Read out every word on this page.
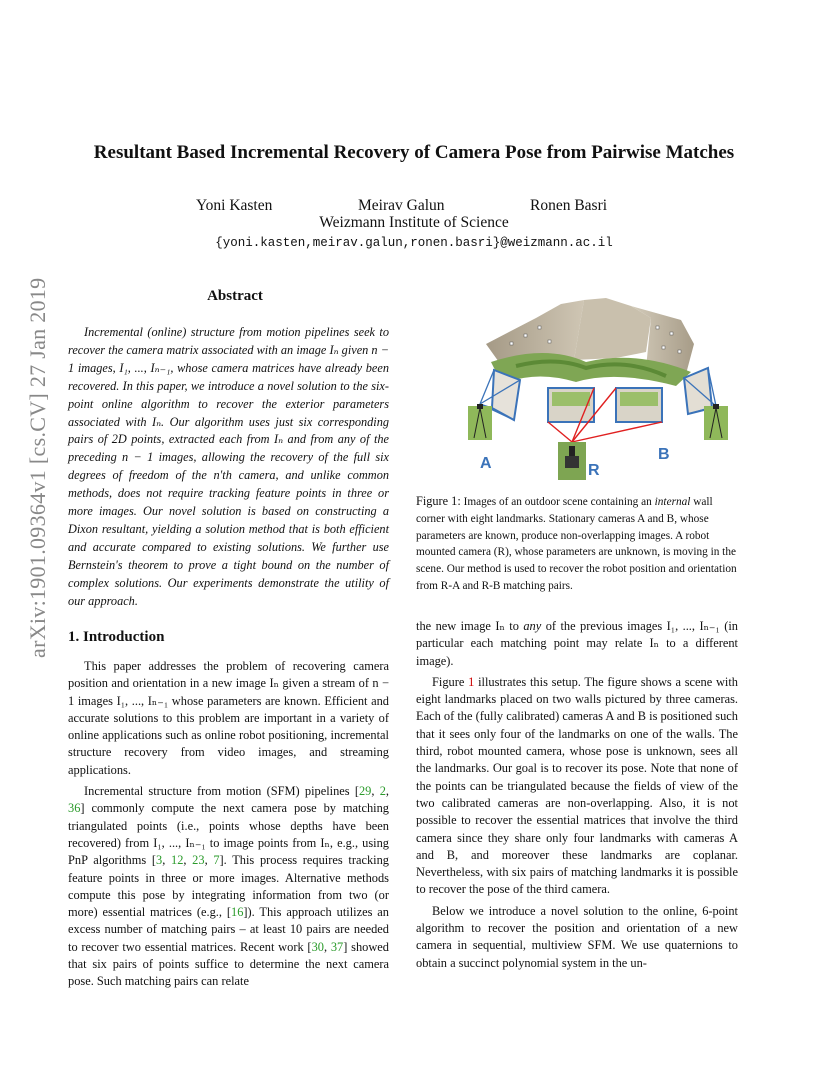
arXiv:1901.09364v1 [cs.CV] 27 Jan 2019
Resultant Based Incremental Recovery of Camera Pose from Pairwise Matches
Yoni Kasten	Meirav Galun	Ronen Basri
Weizmann Institute of Science
{yoni.kasten,meirav.galun,ronen.basri}@weizmann.ac.il
Abstract
Incremental (online) structure from motion pipelines seek to recover the camera matrix associated with an image Iₙ given n − 1 images, I₁, ..., Iₙ₋₁, whose camera matrices have already been recovered. In this paper, we introduce a novel solution to the six-point online algorithm to recover the exterior parameters associated with Iₙ. Our algorithm uses just six corresponding pairs of 2D points, extracted each from Iₙ and from any of the preceding n − 1 images, allowing the recovery of the full six degrees of freedom of the n'th camera, and unlike common methods, does not require tracking feature points in three or more images. Our novel solution is based on constructing a Dixon resultant, yielding a solution method that is both efficient and accurate compared to existing solutions. We further use Bernstein's theorem to prove a tight bound on the number of complex solutions. Our experiments demonstrate the utility of our approach.
A	R
B
Figure 1: Images of an outdoor scene containing an internal wall corner with eight landmarks. Stationary cameras A and B, whose parameters are known, produce non-overlapping images. A robot mounted camera (R), whose parameters are unknown, is moving in the scene. Our method is used to recover the robot position and orientation from R-A and R-B matching pairs.
1. Introduction

This paper addresses the problem of recovering camera position and orientation in a new image Iₙ given a stream of n − 1 images I₁, ..., Iₙ₋₁ whose parameters are known. Efficient and accurate solutions to this problem are important in a variety of online applications such as online robot positioning, incremental structure recovery from video images, and streaming applications.

Incremental structure from motion (SFM) pipelines [29, 2, 36] commonly compute the next camera pose by matching triangulated points (i.e., points whose depths have been recovered) from I₁, ..., Iₙ₋₁ to image points from Iₙ, e.g., using PnP algorithms [3, 12, 23, 7]. This process requires tracking feature points in three or more images. Alternative methods compute this pose by integrating information from two (or more) essential matrices (e.g., [16]). This approach utilizes an excess number of matching pairs – at least 10 pairs are needed to recover two essential matrices. Recent work [30, 37] showed that six pairs of points suffice to determine the next camera pose. Such matching pairs can relate

the new image Iₙ to any of the previous images I₁, ..., Iₙ₋₁ (in particular each matching point may relate Iₙ to a different image).

Figure 1 illustrates this setup. The figure shows a scene with eight landmarks placed on two walls pictured by three cameras. Each of the (fully calibrated) cameras A and B is positioned such that it sees only four of the landmarks on one of the walls. The third, robot mounted camera, whose pose is unknown, sees all the landmarks. Our goal is to recover its pose. Note that none of the points can be triangulated because the fields of view of the two calibrated cameras are non-overlapping. Also, it is not possible to recover the essential matrices that involve the third camera since they share only four landmarks with cameras A and B, and moreover these landmarks are coplanar. Nevertheless, with six pairs of matching landmarks it is possible to recover the pose of the third camera.

Below we introduce a novel solution to the online, 6-point algorithm to recover the position and orientation of a new camera in sequential, multiview SFM. We use quaternions to obtain a succinct polynomial system in the un-
